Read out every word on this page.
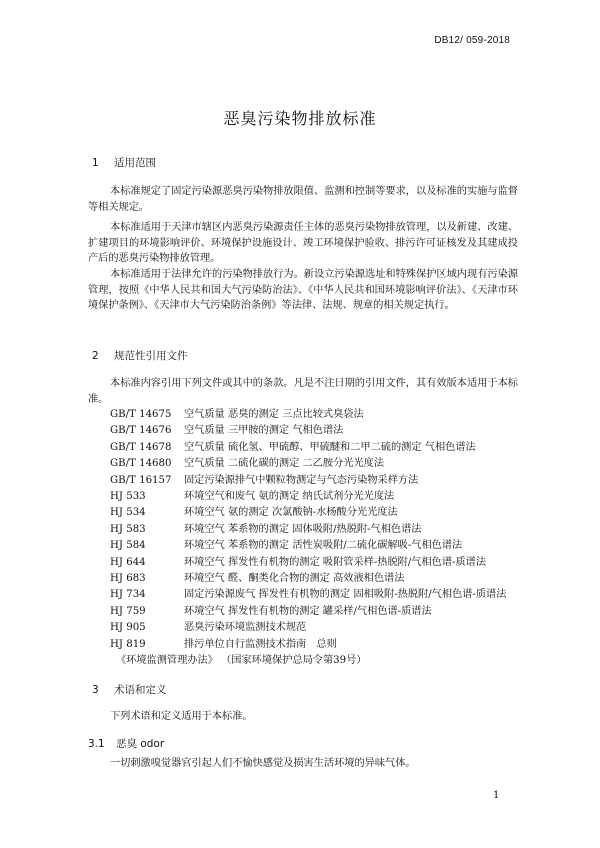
DB12/ 059-2018
恶臭污染物排放标准
1 适用范围

本标准规定了固定污染源恶臭污染物排放限值、监测和控制等要求，以及标准的实施与监督等相关规定。

本标准适用于天津市辖区内恶臭污染源责任主体的恶臭污染物排放管理，以及新建、改建、扩建项目的环境影响评价、环境保护设施设计、竣工环境保护验收、排污许可证核发及其建成投产后的恶臭污染物排放管理。

本标准适用于法律允许的污染物排放行为。新设立污染源选址和特殊保护区域内现有污染源管理，按照《中华人民共和国大气污染防治法》、《中华人民共和国环境影响评价法》、《天津市环境保护条例》、《天津市大气污染防治条例》等法律、法规、规章的相关规定执行。

2 规范性引用文件

本标准内容引用下列文件或其中的条款。凡是不注日期的引用文件，其有效版本适用于本标准。

GB/T 14675 空气质量 恶臭的测定 三点比较式臭袋法
GB/T 14676 空气质量 三甲胺的测定 气相色谱法
GB/T 14678 空气质量 硫化氢、甲硫醇、甲硫醚和二甲二硫的测定 气相色谱法
GB/T 14680 空气质量 二硫化碳的测定 二乙胺分光光度法
GB/T 16157 固定污染源排气中颗粒物测定与气态污染物采样方法
HJ 533	环境空气和废气 氨的测定 纳氏试剂分光光度法
HJ 534	环境空气 氨的测定 次氯酸钠-水杨酸分光光度法
HJ 583	环境空气 苯系物的测定 固体吸附/热脱附-气相色谱法
HJ 584	环境空气 苯系物的测定 活性炭吸附/二硫化碳解吸-气相色谱法
HJ 644	环境空气 挥发性有机物的测定 吸附管采样-热脱附/气相色谱-质谱法
HJ 683	环境空气 醛、酮类化合物的测定 高效液相色谱法
HJ 734	固定污染源废气 挥发性有机物的测定 固相吸附-热脱附/气相色谱-质谱法
HJ 759	环境空气 挥发性有机物的测定 罐采样/气相色谱-质谱法
HJ 905	恶臭污染环境监测技术规范
HJ 819	排污单位自行监测技术指南　总则
《环境监测管理办法》 （国家环境保护总局令第39号）
3 术语和定义

下列术语和定义适用于本标准。

3.1 恶臭 odor

一切刺激嗅觉器官引起人们不愉快感觉及损害生活环境的异味气体。

1
